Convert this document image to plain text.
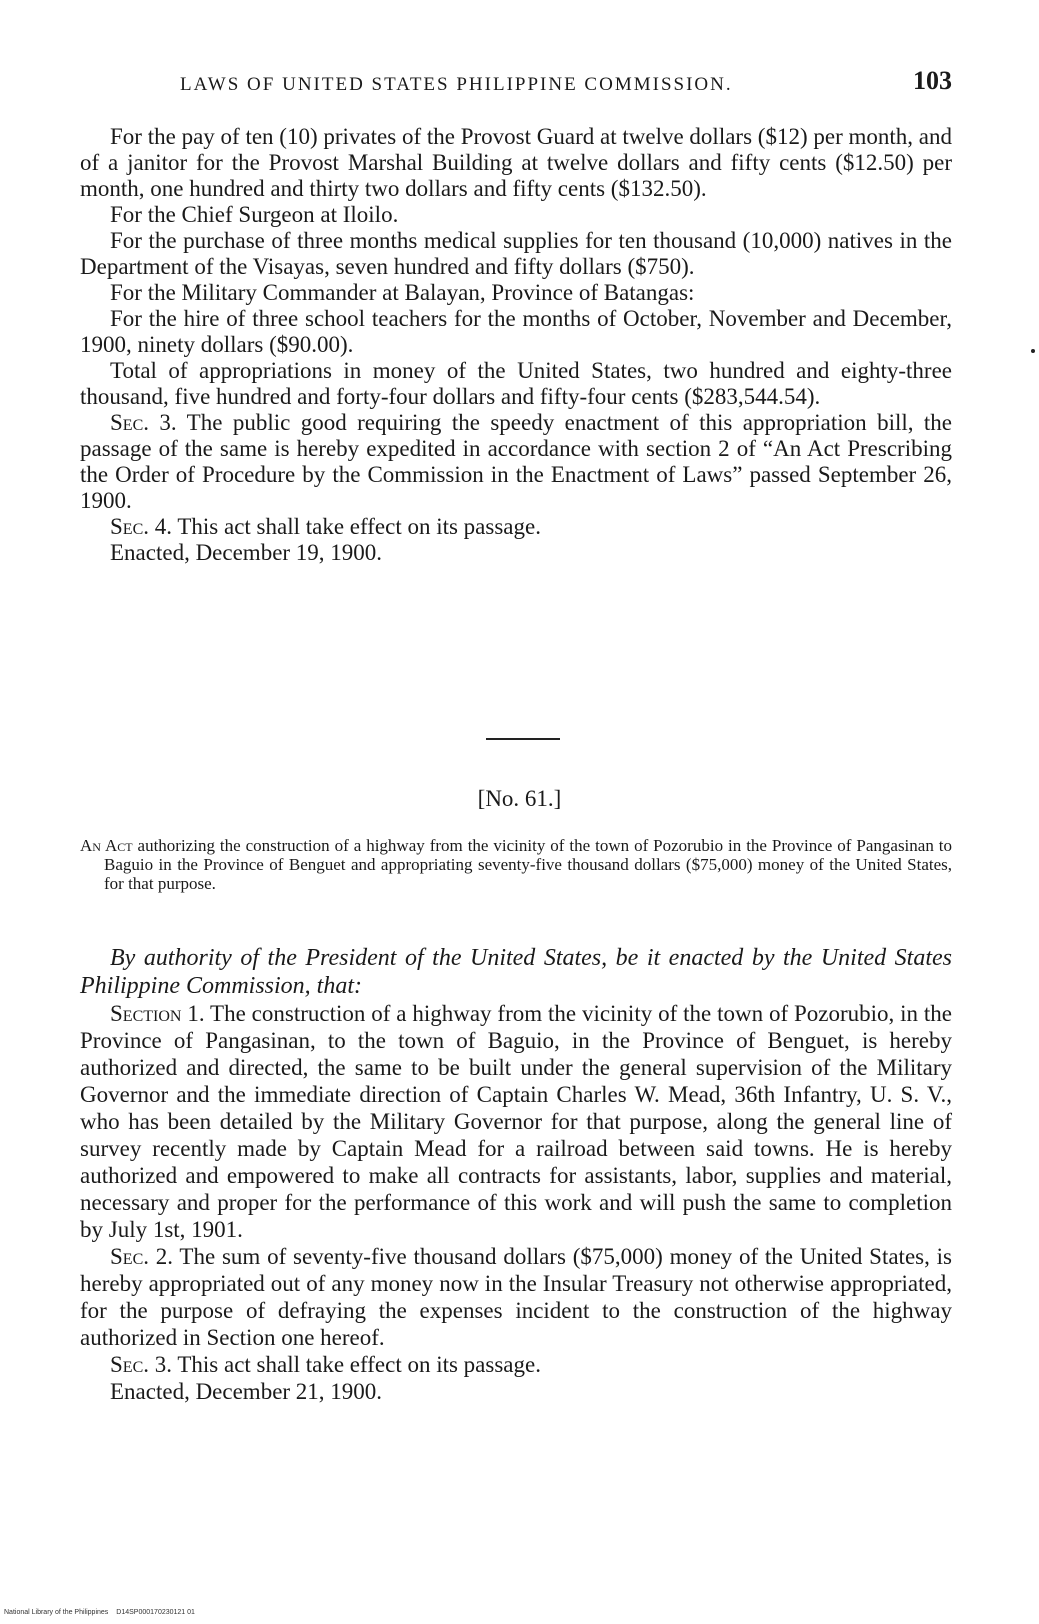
LAWS OF UNITED STATES PHILIPPINE COMMISSION.	103

For the pay of ten (10) privates of the Provost Guard at twelve dollars ($12) per month, and of a janitor for the Provost Marshal Building at twelve dollars and fifty cents ($12.50) per month, one hundred and thirty two dollars and fifty cents ($132.50).

For the Chief Surgeon at Iloilo.

For the purchase of three months medical supplies for ten thousand (10,000) natives in the Department of the Visayas, seven hundred and fifty dollars ($750).

For the Military Commander at Balayan, Province of Batangas:

For the hire of three school teachers for the months of October, November and December, 1900, ninety dollars ($90.00).

Total of appropriations in money of the United States, two hundred and eighty-three thousand, five hundred and forty-four dollars and fifty-four cents ($283,544.54).

Sec. 3. The public good requiring the speedy enactment of this appropriation bill, the passage of the same is hereby expedited in accordance with section 2 of “An Act Prescribing the Order of Procedure by the Commission in the Enactment of Laws” passed September 26, 1900.

Sec. 4. This act shall take effect on its passage.

Enacted, December 19, 1900.

[No. 61.]
An Act authorizing the construction of a highway from the vicinity of the town of Pozorubio in the Province of Pangasinan to Baguio in the Province of Benguet and appropriating seventy-five thousand dollars ($75,000) money of the United States, for that purpose.
By authority of the President of the United States, be it enacted by the United States Philippine Commission, that:

Section 1. The construction of a highway from the vicinity of the town of Pozorubio, in the Province of Pangasinan, to the town of Baguio, in the Province of Benguet, is hereby authorized and directed, the same to be built under the general supervision of the Military Governor and the immediate direction of Captain Charles W. Mead, 36th Infantry, U. S. V., who has been detailed by the Military Governor for that purpose, along the general line of survey recently made by Captain Mead for a railroad between said towns. He is hereby authorized and empowered to make all contracts for assistants, labor, supplies and material, necessary and proper for the performance of this work and will push the same to completion by July 1st, 1901.

Sec. 2. The sum of seventy-five thousand dollars ($75,000) money of the United States, is hereby appropriated out of any money now in the Insular Treasury not otherwise appropriated, for the purpose of defraying the expenses incident to the construction of the highway authorized in Section one hereof.

Sec. 3. This act shall take effect on its passage.

Enacted, December 21, 1900.

National Library of the Philippines D14SP000170230121 01
